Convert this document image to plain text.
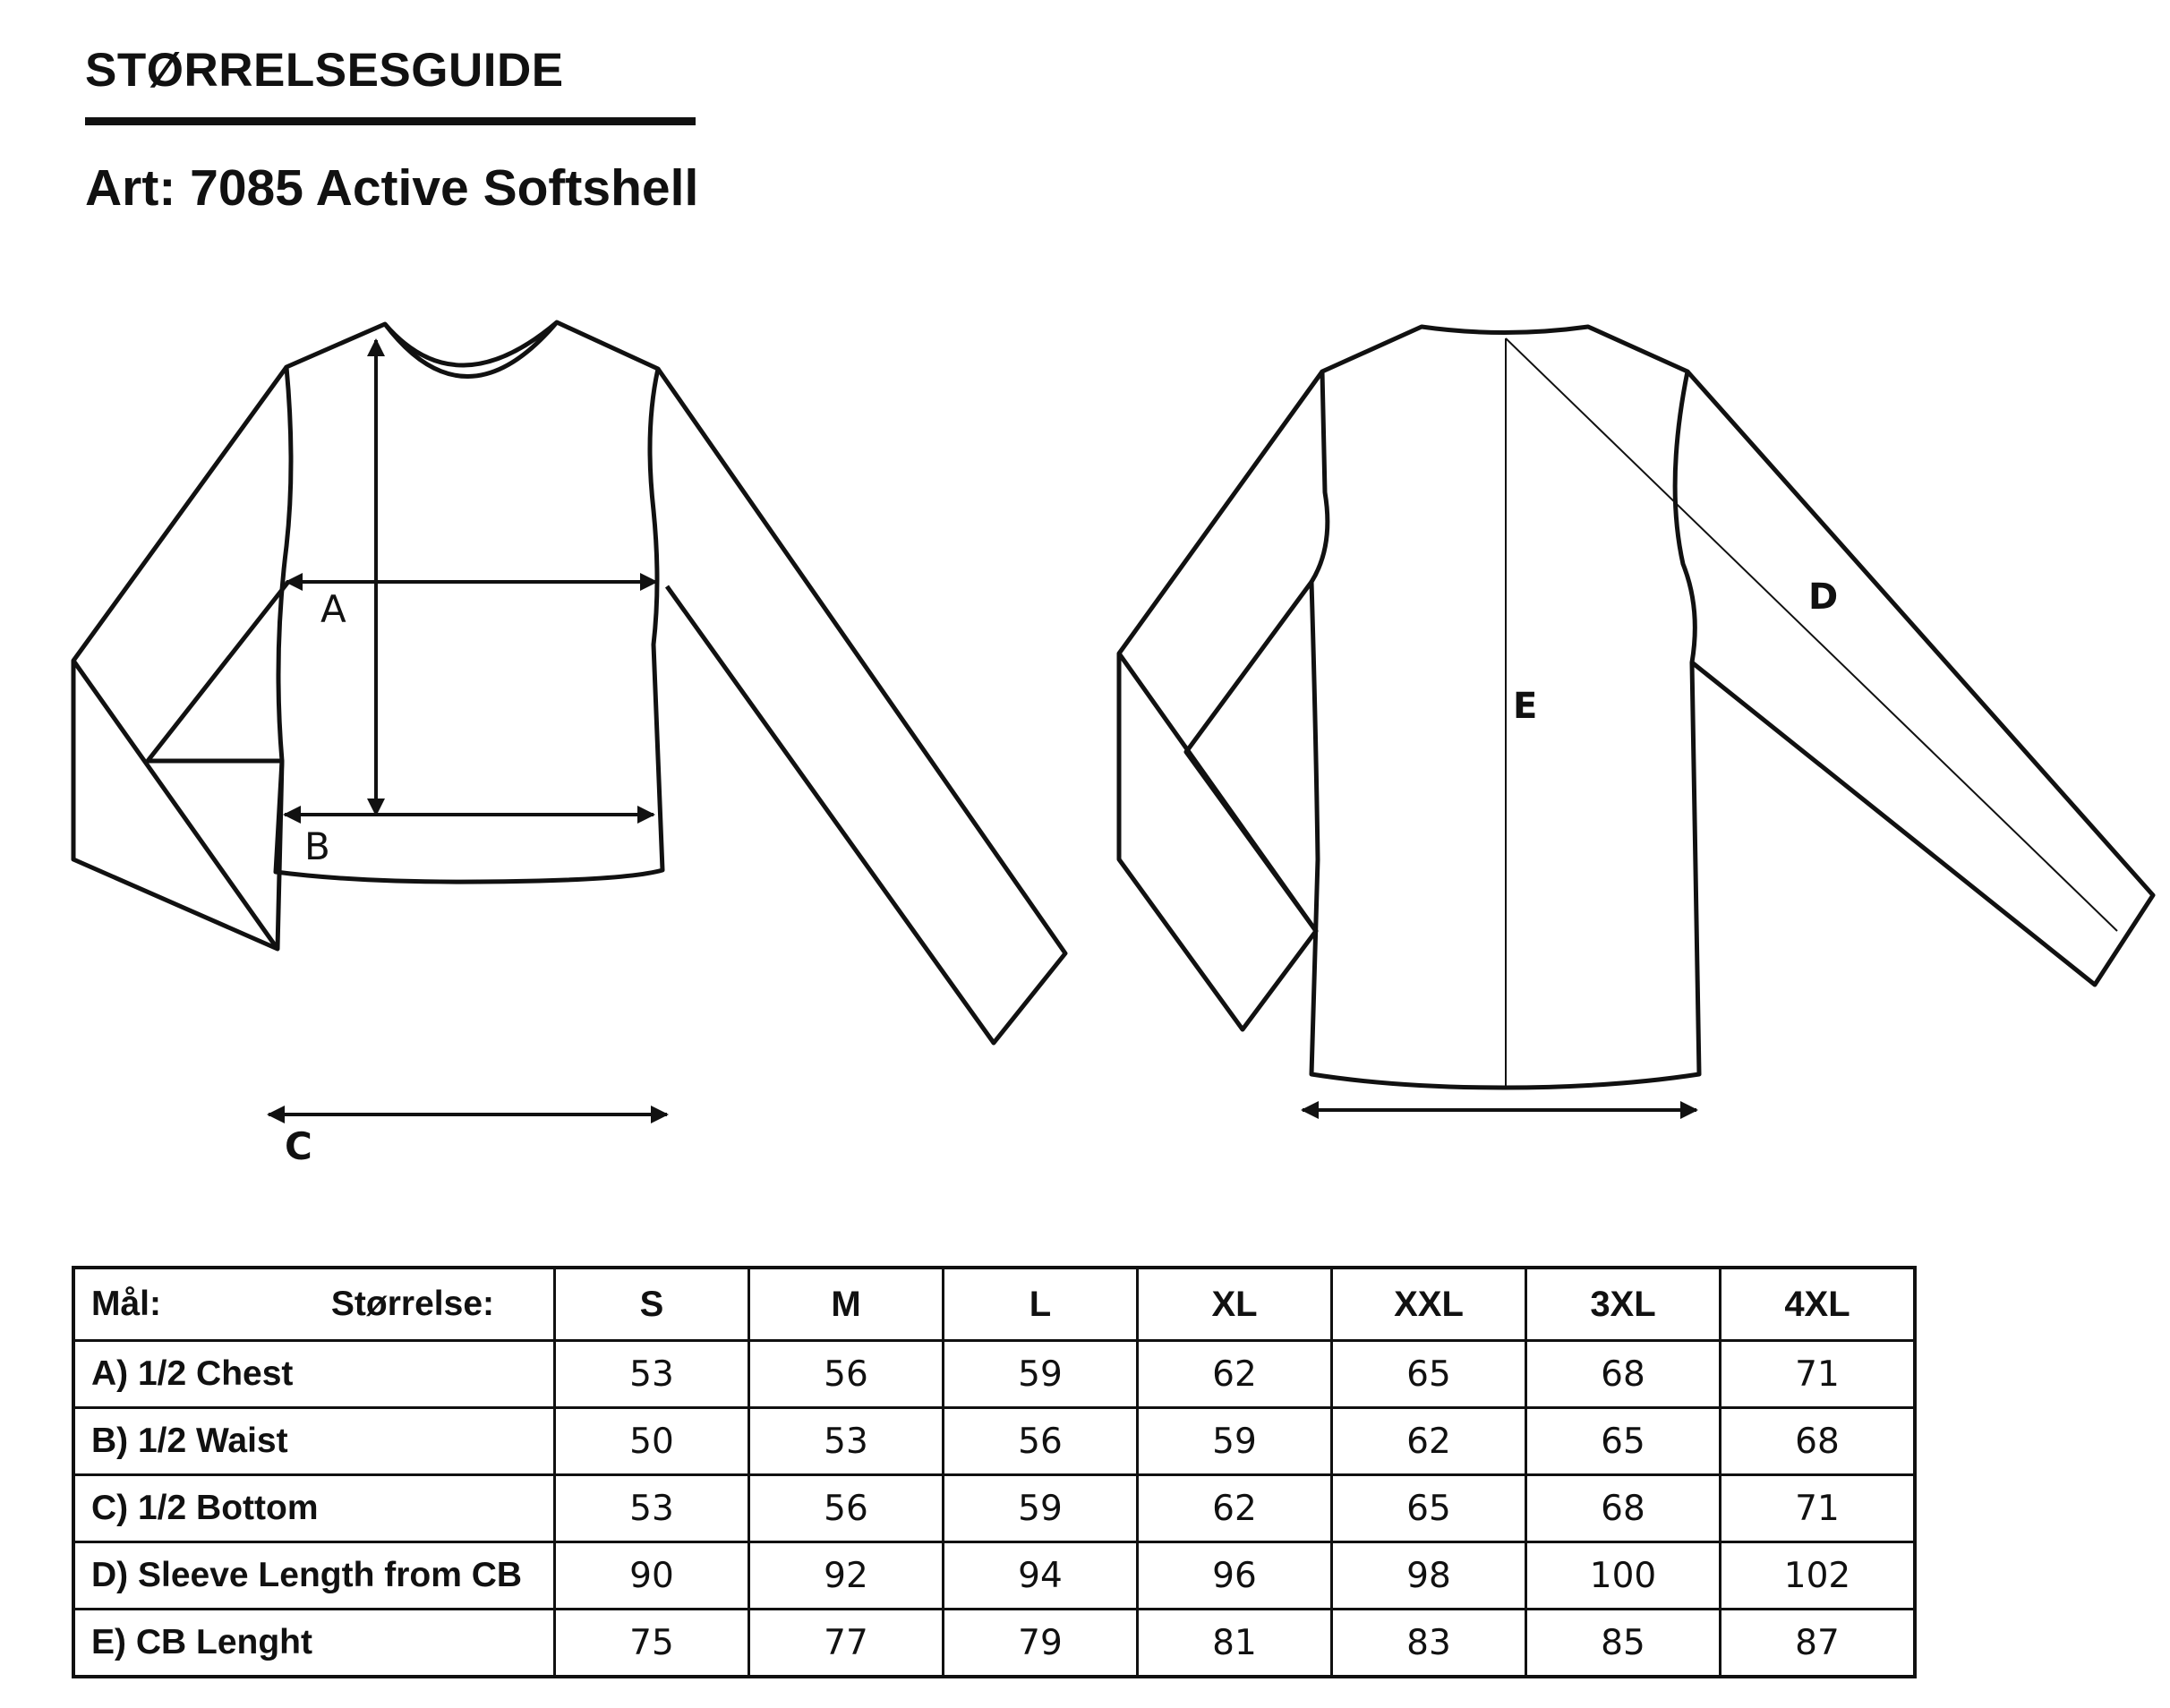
STØRRELSESGUIDE
Art: 7085 Active Softshell
A
B
C
D
E
Mål: Størrelse:	S	M	L	XL	XXL	3XL	4XL
A) 1/2 Chest	53	56	59	62	65	68	71
B) 1/2 Waist	50	53	56	59	62	65	68
C) 1/2 Bottom	53	56	59	62	65	68	71
D) Sleeve Length from CB	90	92	94	96	98	100	102
E) CB Lenght	75	77	79	81	83	85	87
